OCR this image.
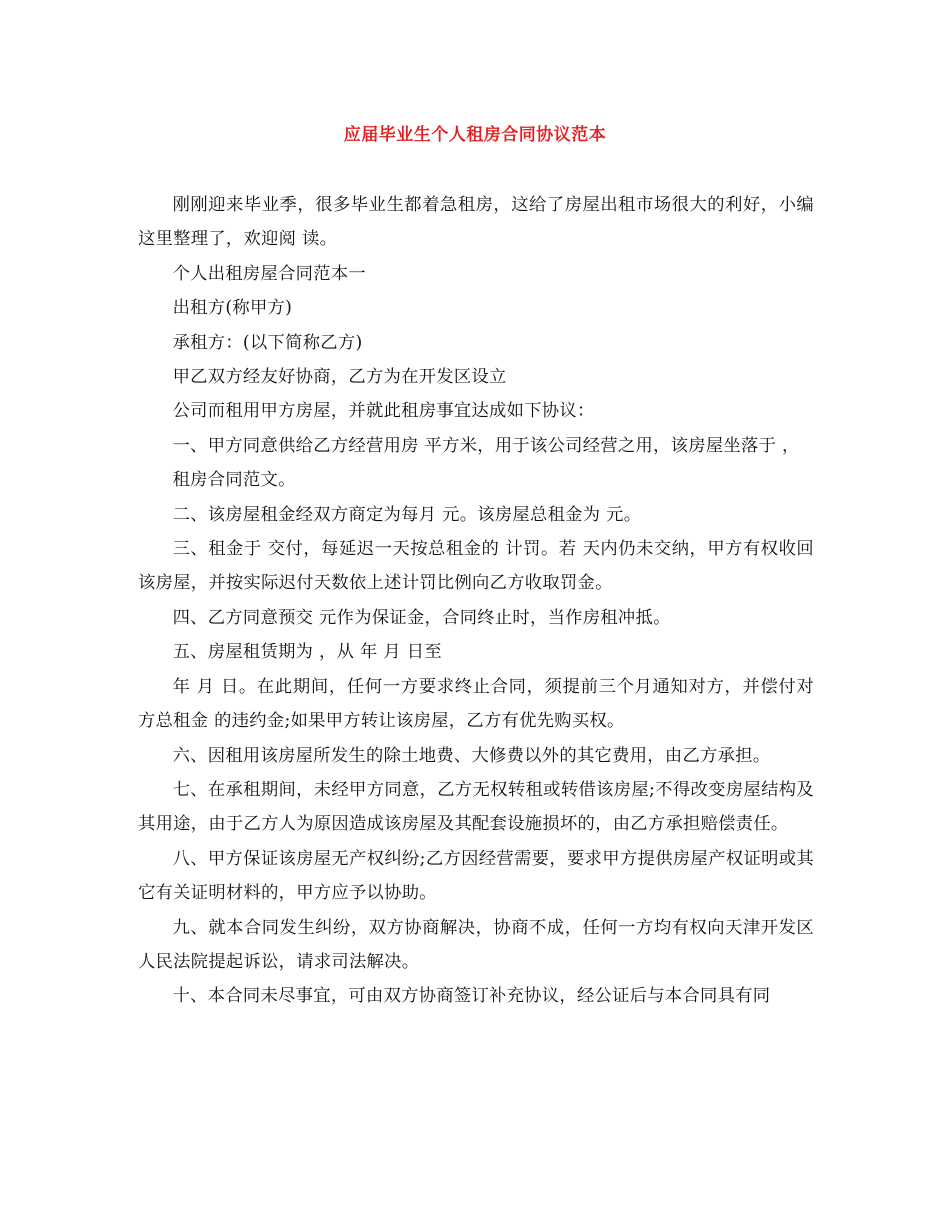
应届毕业生个人租房合同协议范本

刚刚迎来毕业季，很多毕业生都着急租房，这给了房屋出租市场很大的利好，小编这里整理了，欢迎阅 读。

个人出租房屋合同范本一

出租方(称甲方)

承租方：(以下简称乙方)

甲乙双方经友好协商，乙方为在开发区设立

公司而租用甲方房屋，并就此租房事宜达成如下协议：

一、甲方同意供给乙方经营用房 平方米，用于该公司经营之用，该房屋坐落于 ，

租房合同范文。

二、该房屋租金经双方商定为每月 元。该房屋总租金为 元。

三、租金于 交付，每延迟一天按总租金的 计罚。若 天内仍未交纳，甲方有权收回该房屋，并按实际迟付天数依上述计罚比例向乙方收取罚金。

四、乙方同意预交 元作为保证金，合同终止时，当作房租冲抵。

五、房屋租赁期为 ，从 年 月 日至

年 月 日。在此期间，任何一方要求终止合同，须提前三个月通知对方，并偿付对方总租金 的违约金;如果甲方转让该房屋，乙方有优先购买权。

六、因租用该房屋所发生的除土地费、大修费以外的其它费用，由乙方承担。

七、在承租期间，未经甲方同意，乙方无权转租或转借该房屋;不得改变房屋结构及其用途，由于乙方人为原因造成该房屋及其配套设施损坏的，由乙方承担赔偿责任。

八、甲方保证该房屋无产权纠纷;乙方因经营需要，要求甲方提供房屋产权证明或其它有关证明材料的，甲方应予以协助。

九、就本合同发生纠纷，双方协商解决，协商不成，任何一方均有权向天津开发区人民法院提起诉讼，请求司法解决。

十、本合同未尽事宜，可由双方协商签订补充协议，经公证后与本合同具有同
